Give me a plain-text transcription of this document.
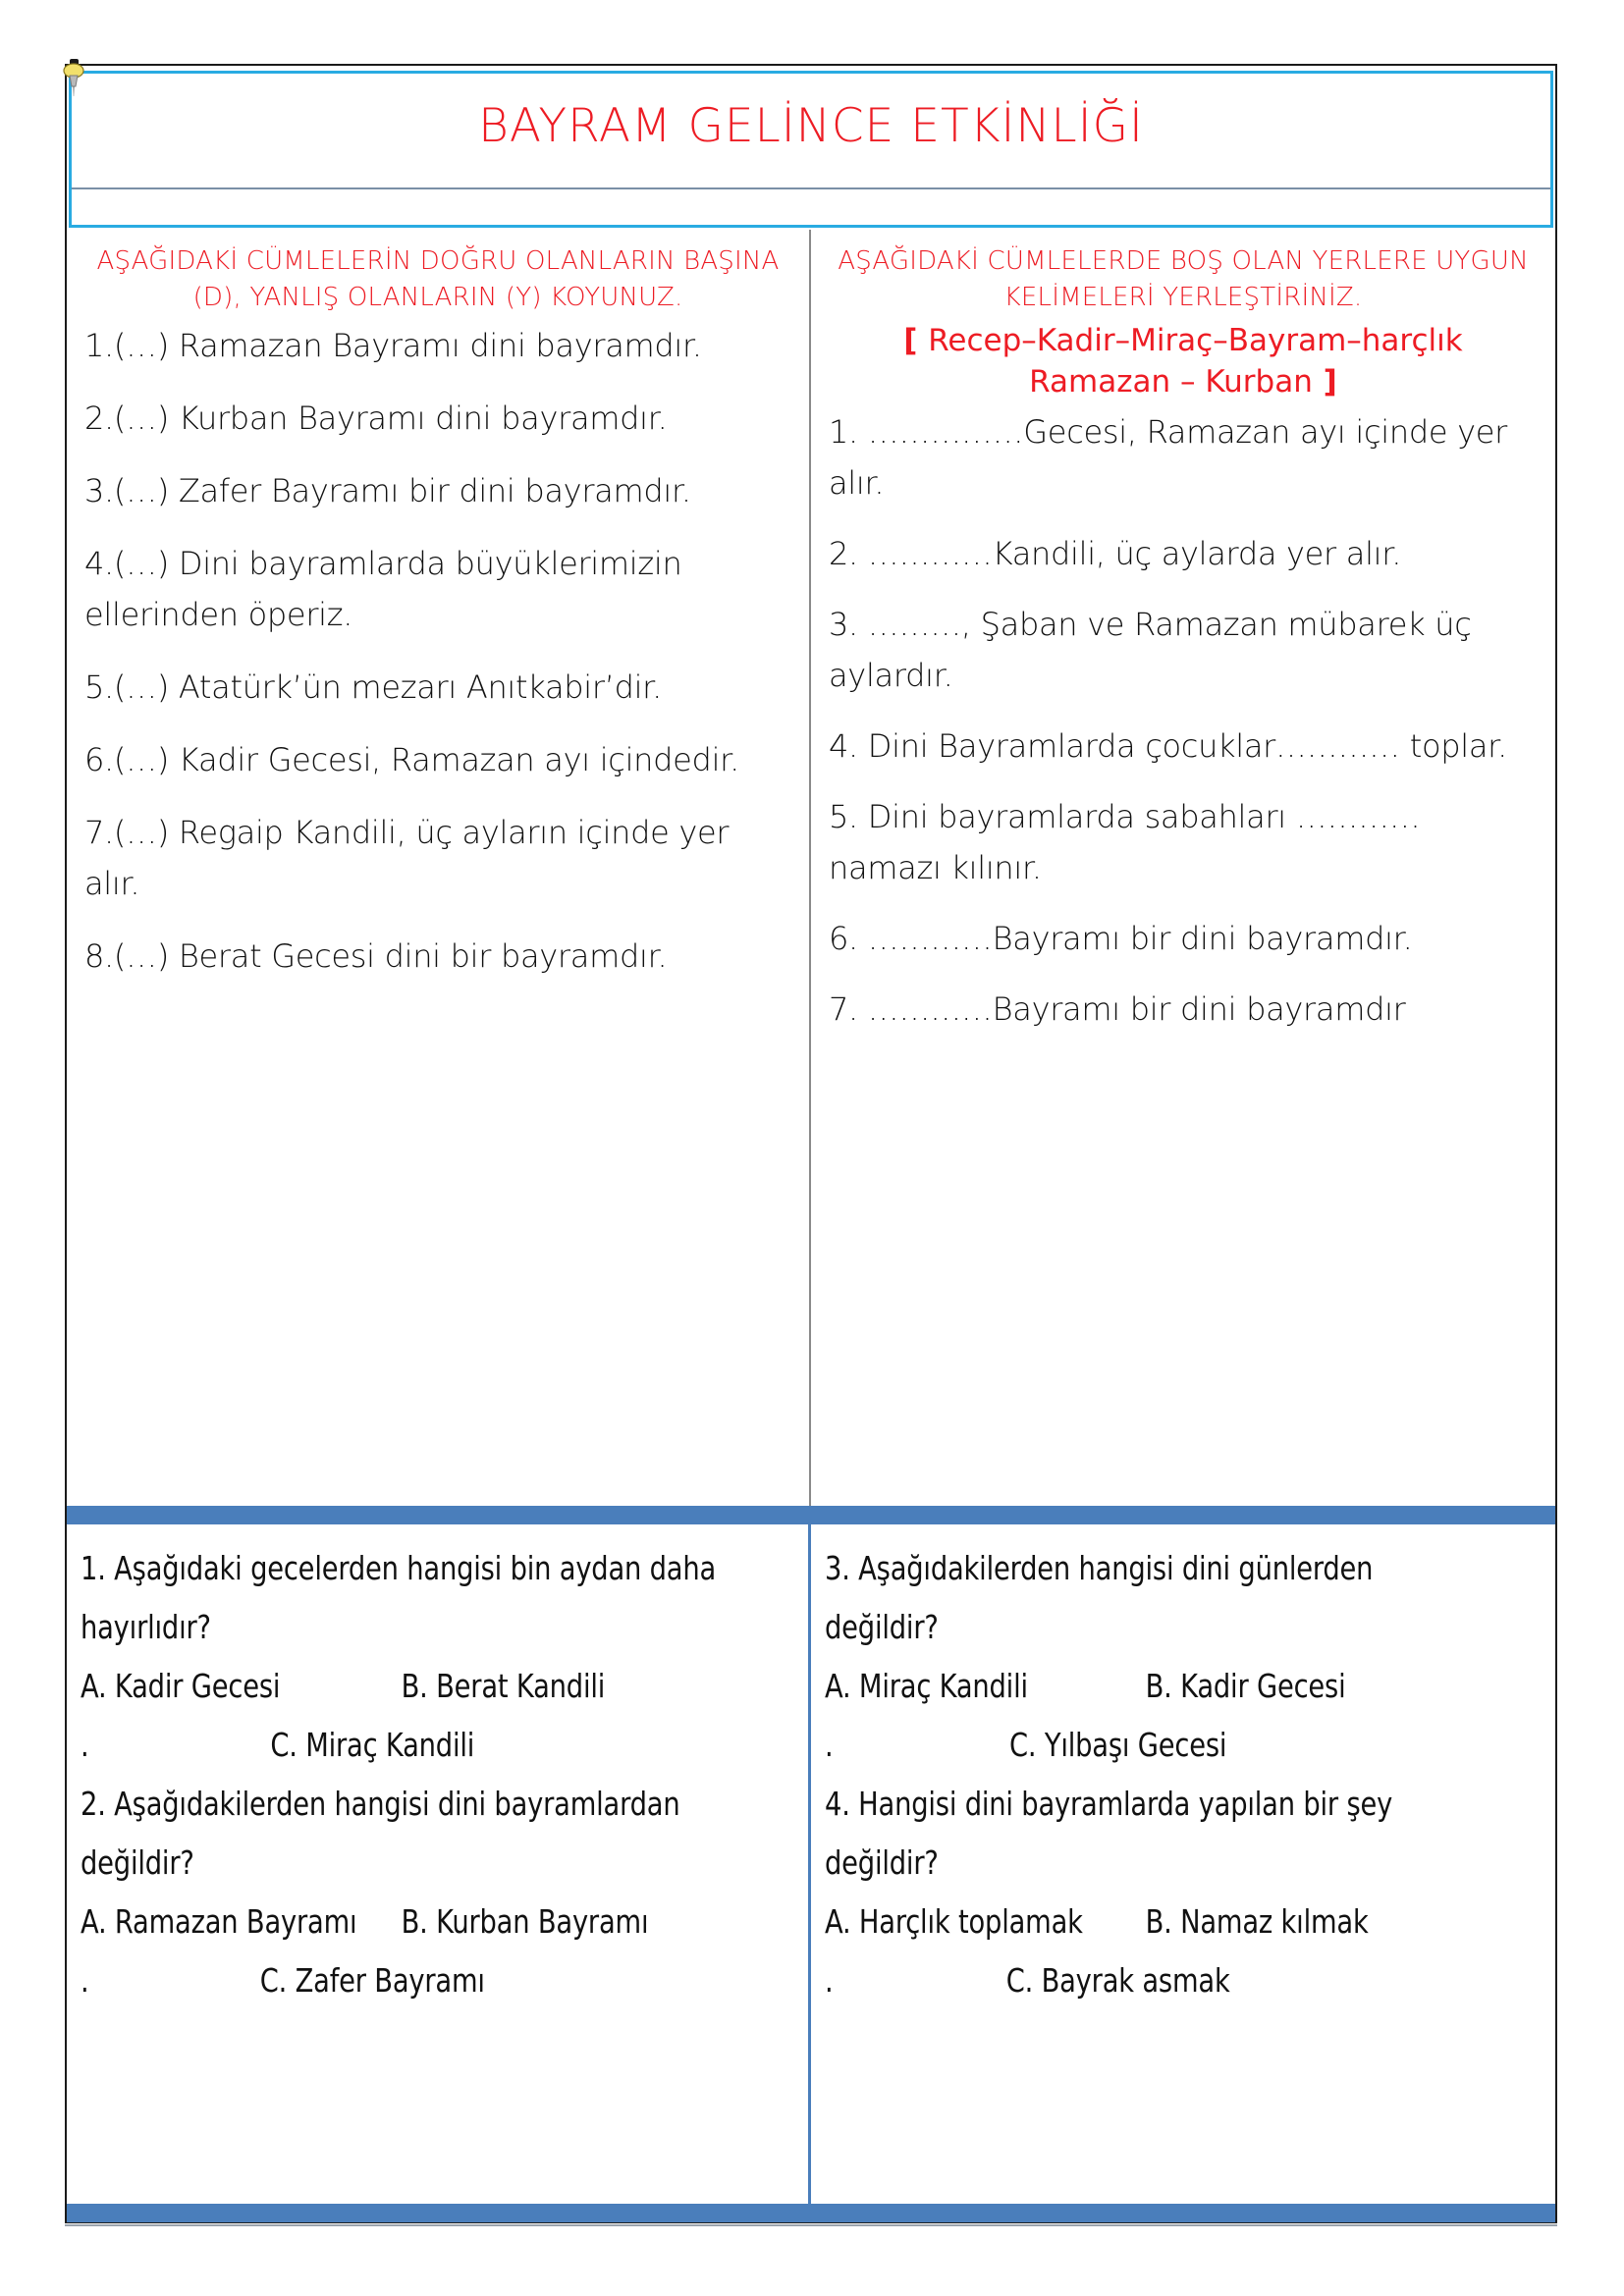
BAYRAM GELİNCE ETKİNLİĞİ
AŞAĞIDAKİ CÜMLELERİN DOĞRU OLANLARIN BAŞINA (D), YANLIŞ OLANLARIN (Y) KOYUNUZ.
1.(…) Ramazan Bayramı dini bayramdır.
2.(…) Kurban Bayramı dini bayramdır.
3.(…) Zafer Bayramı bir dini bayramdır.
4.(…) Dini bayramlarda büyüklerimizin ellerinden öperiz.
5.(…) Atatürk’ün mezarı Anıtkabir’dir.
6.(…) Kadir Gecesi, Ramazan ayı içindedir.
7.(…) Regaip Kandili, üç ayların içinde yer alır.
8.(…) Berat Gecesi dini bir bayramdır.
AŞAĞIDAKİ CÜMLELERDE BOŞ OLAN YERLERE UYGUN KELİMELERİ YERLEŞTİRİNİZ.
[ Recep–Kadir–Miraç–Bayram–harçlık Ramazan – Kurban ]
1. ……………Gecesi, Ramazan ayı içinde yer alır.
2. …………Kandili, üç aylarda yer alır.
3. ………, Şaban ve Ramazan mübarek üç aylardır.
4. Dini Bayramlarda çocuklar………… toplar.
5. Dini bayramlarda sabahları ………… namazı kılınır.
6. …………Bayramı bir dini bayramdır.
7. …………Bayramı bir dini bayramdır
1. Aşağıdaki gecelerden hangisi bin aydan daha hayırlıdır?
A. Kadir Gecesi	B. Berat Kandili
.	C. Miraç Kandili
2. Aşağıdakilerden hangisi dini bayramlardan değildir?
A. Ramazan Bayramı	B. Kurban Bayramı
.	C. Zafer Bayramı
3. Aşağıdakilerden hangisi dini günlerden değildir?
A. Miraç Kandili	B. Kadir Gecesi
.	C. Yılbaşı Gecesi
4. Hangisi dini bayramlarda yapılan bir şey değildir?
A. Harçlık toplamak	B. Namaz kılmak
.	C. Bayrak asmak
